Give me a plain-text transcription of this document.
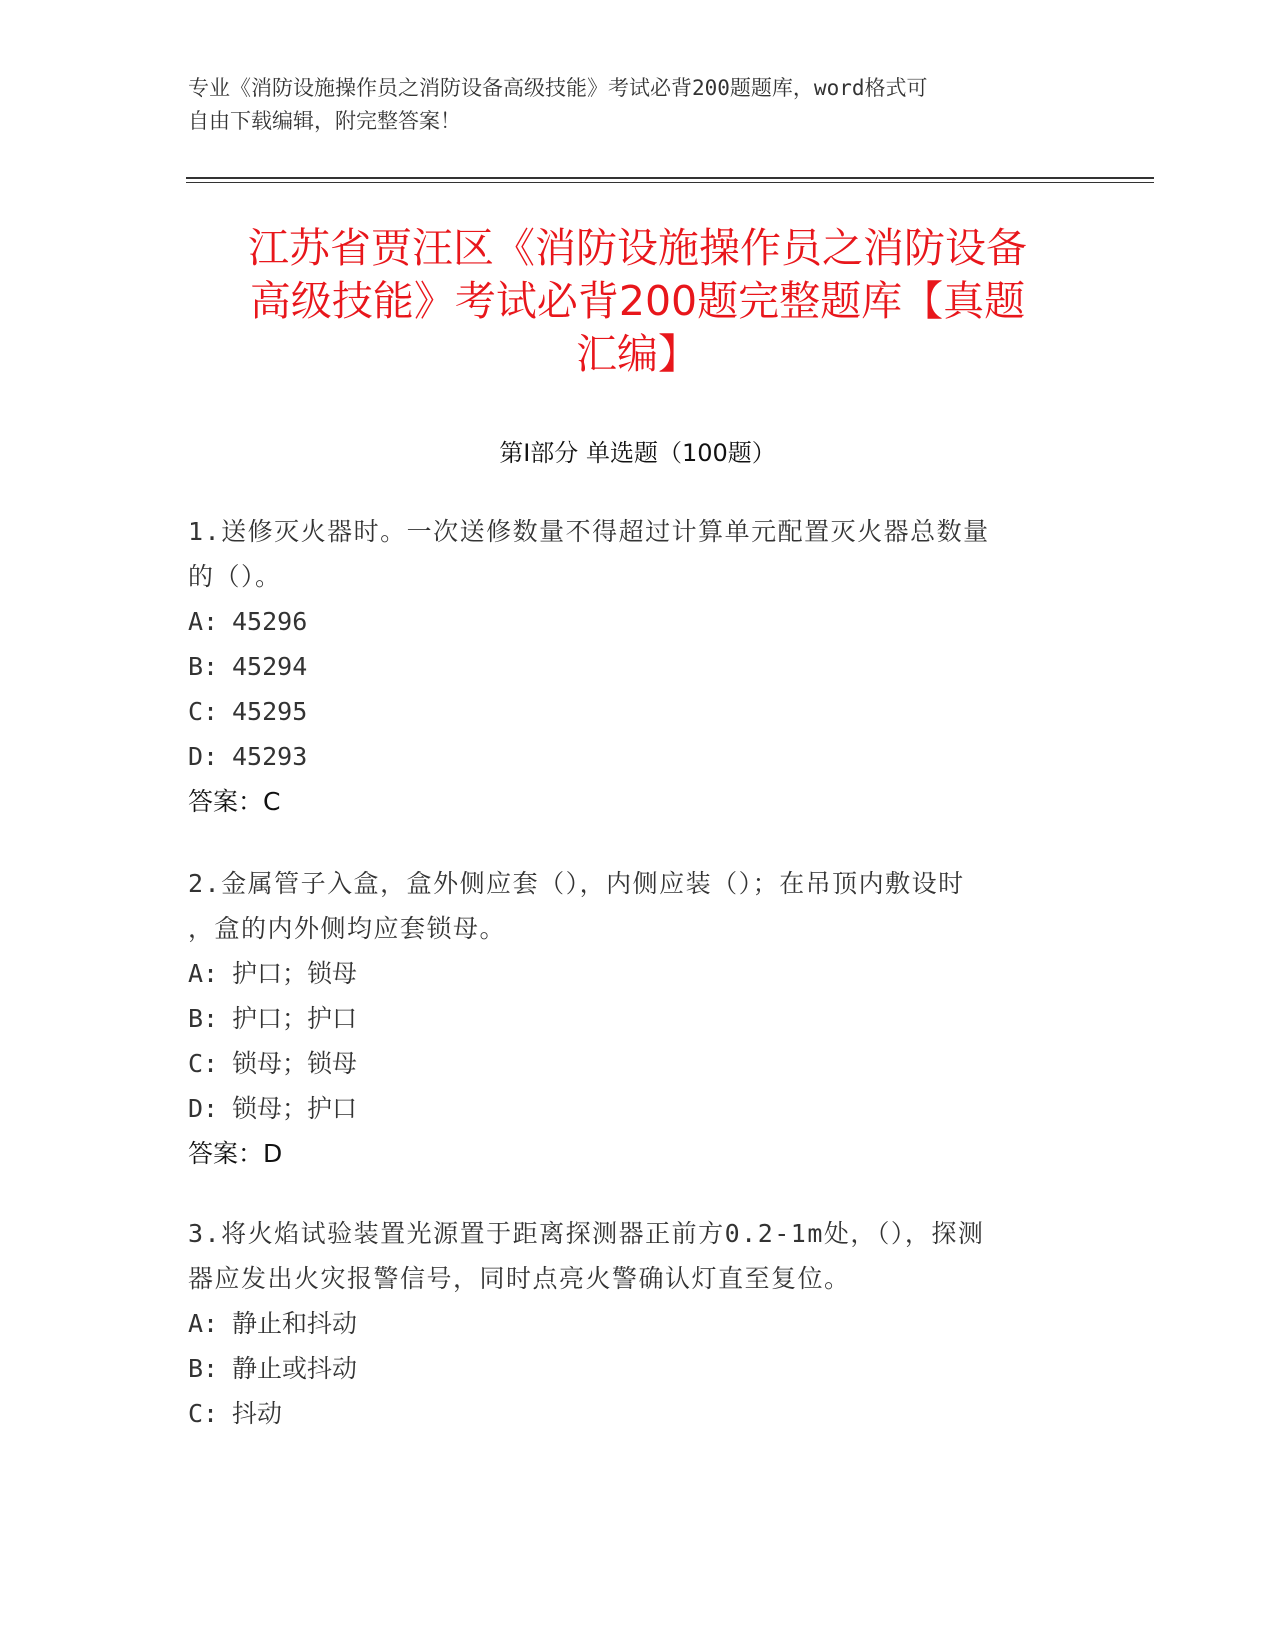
专业《消防设施操作员之消防设备高级技能》考试必背200题题库，word格式可
自由下载编辑，附完整答案！
江苏省贾汪区《消防设施操作员之消防设备
高级技能》考试必背200题完整题库【真题
汇编】
第I部分 单选题（100题）
1.送修灭火器时。一次送修数量不得超过计算单元配置灭火器总数量
的（）。
A: 45296
B: 45294
C: 45295
D: 45293
答案：C
2.金属管子入盒，盒外侧应套（），内侧应装（）；在吊顶内敷设时
，盒的内外侧均应套锁母。
A: 护口；锁母
B: 护口；护口
C: 锁母；锁母
D: 锁母；护口
答案：D
3.将火焰试验装置光源置于距离探测器正前方0.2-1m处，（），探测
器应发出火灾报警信号，同时点亮火警确认灯直至复位。
A: 静止和抖动
B: 静止或抖动
C: 抖动
